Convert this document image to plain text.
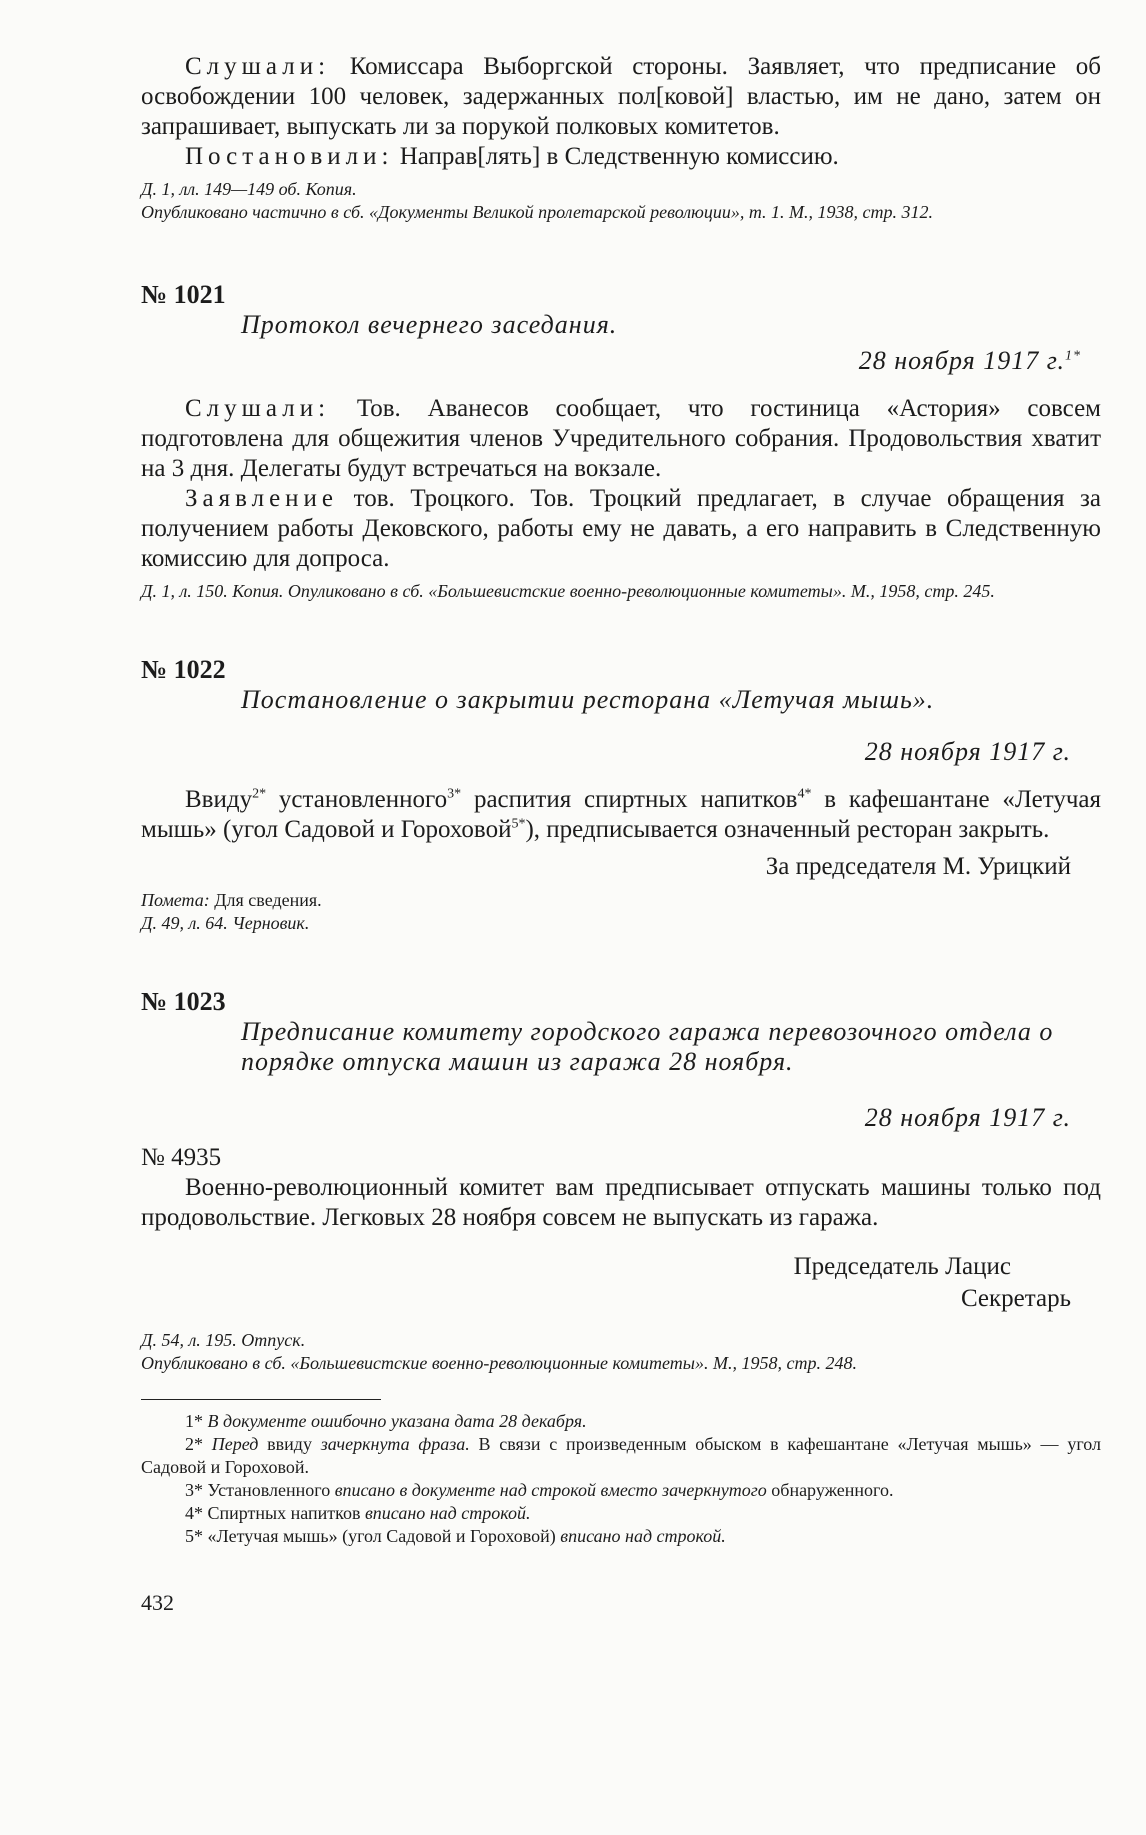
Слушали: Комиссара Выборгской стороны. Заявляет, что предписание об освобождении 100 человек, задержанных пол[ковой] властью, им не дано, затем он запрашивает, выпускать ли за порукой полковых комитетов.

Постановили: Направ[лять] в Следственную комиссию.

Д. 1, лл. 149—149 об. Копия.

Опубликовано частично в сб. «Документы Великой пролетарской революции», т. 1. М., 1938, стр. 312.

№ 1021

Протокол вечернего заседания.

28 ноября 1917 г.$^{1*}$

Слушали: Тов. Аванесов сообщает, что гостиница «Астория» совсем подготовлена для общежития членов Учредительного собрания. Продовольствия хватит на 3 дня. Делегаты будут встречаться на вокзале.

Заявление тов. Троцкого. Тов. Троцкий предлагает, в случае обращения за получением работы Дековского, работы ему не давать, а его направить в Следственную комиссию для допроса.

Д. 1, л. 150. Копия. Опуликовано в сб. «Большевистские военно-революционные комитеты». М., 1958, стр. 245.

№ 1022

Постановление о закрытии ресторана «Летучая мышь».

28 ноября 1917 г.

Ввиду$^{2*}$ установленного$^{3*}$ распития спиртных напитков$^{4*}$ в кафешантане «Летучая мышь» (угол Садовой и Гороховой$^{5*}$), предписывается означенный ресторан закрыть.

За председателя М. Урицкий

Помета: Для сведения.

Д. 49, л. 64. Черновик.

№ 1023

Предписание комитету городского гаража перевозочного отдела о порядке отпуска машин из гаража 28 ноября.

28 ноября 1917 г.

№ 4935

Военно-революционный комитет вам предписывает отпускать машины только под продовольствие. Легковых 28 ноября совсем не выпускать из гаража.

Председатель Лацис

Секретарь

Д. 54, л. 195. Отпуск.

Опубликовано в сб. «Большевистские военно-революционные комитеты». М., 1958, стр. 248.

1* В документе ошибочно указана дата 28 декабря.

2* Перед ввиду зачеркнута фраза. В связи с произведенным обыском в кафешантане «Летучая мышь» — угол Садовой и Гороховой.

3* Установленного вписано в документе над строкой вместо зачеркнутого обнаруженного.

4* Спиртных напитков вписано над строкой.

5* «Летучая мышь» (угол Садовой и Гороховой) вписано над строкой.

432
